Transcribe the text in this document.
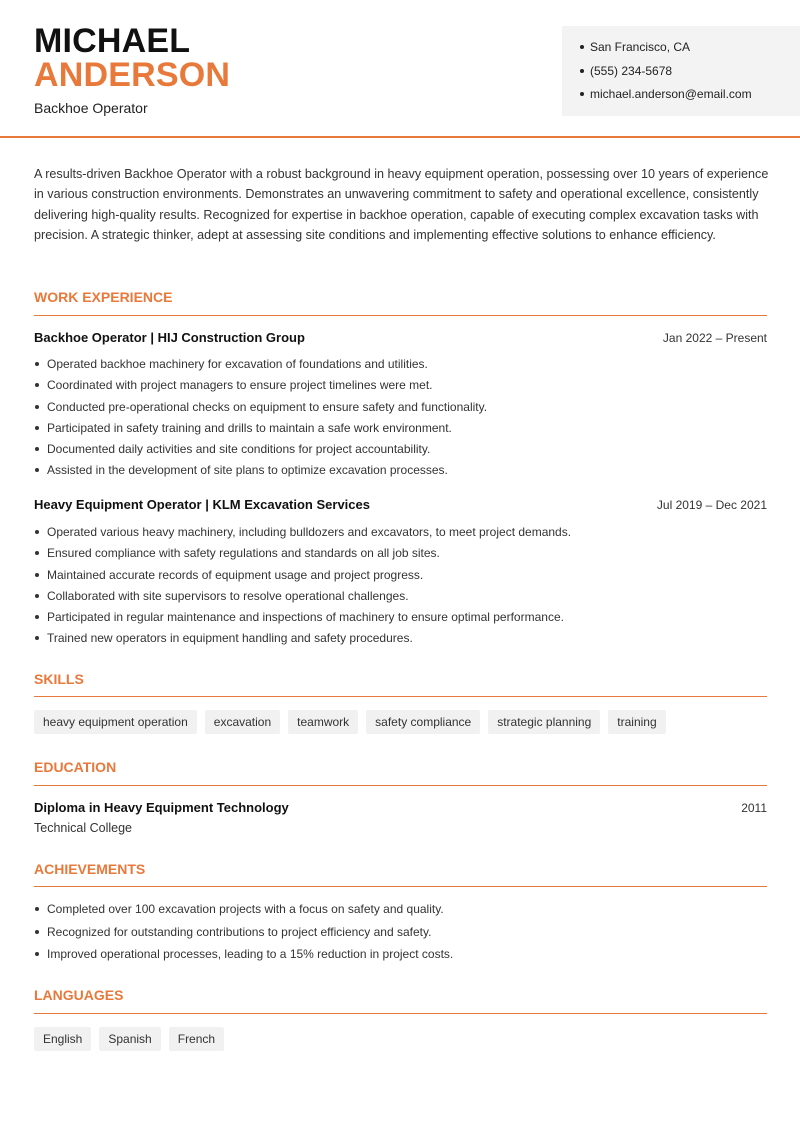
MICHAEL
ANDERSON
Backhoe Operator
San Francisco, CA
(555) 234-5678
michael.anderson@email.com
A results-driven Backhoe Operator with a robust background in heavy equipment operation, possessing over 10 years of experience in various construction environments. Demonstrates an unwavering commitment to safety and operational excellence, consistently delivering high-quality results. Recognized for expertise in backhoe operation, capable of executing complex excavation tasks with precision. A strategic thinker, adept at assessing site conditions and implementing effective solutions to enhance efficiency.
WORK EXPERIENCE
Backhoe Operator | HIJ Construction Group	Jan 2022 – Present
Operated backhoe machinery for excavation of foundations and utilities.
Coordinated with project managers to ensure project timelines were met.
Conducted pre-operational checks on equipment to ensure safety and functionality.
Participated in safety training and drills to maintain a safe work environment.
Documented daily activities and site conditions for project accountability.
Assisted in the development of site plans to optimize excavation processes.
Heavy Equipment Operator | KLM Excavation Services	Jul 2019 – Dec 2021
Operated various heavy machinery, including bulldozers and excavators, to meet project demands.
Ensured compliance with safety regulations and standards on all job sites.
Maintained accurate records of equipment usage and project progress.
Collaborated with site supervisors to resolve operational challenges.
Participated in regular maintenance and inspections of machinery to ensure optimal performance.
Trained new operators in equipment handling and safety procedures.
SKILLS
heavy equipment operation	excavation	teamwork	safety compliance	strategic planning	training
EDUCATION
Diploma in Heavy Equipment Technology	2011
Technical College
ACHIEVEMENTS
Completed over 100 excavation projects with a focus on safety and quality.
Recognized for outstanding contributions to project efficiency and safety.
Improved operational processes, leading to a 15% reduction in project costs.
LANGUAGES
English	Spanish	French
